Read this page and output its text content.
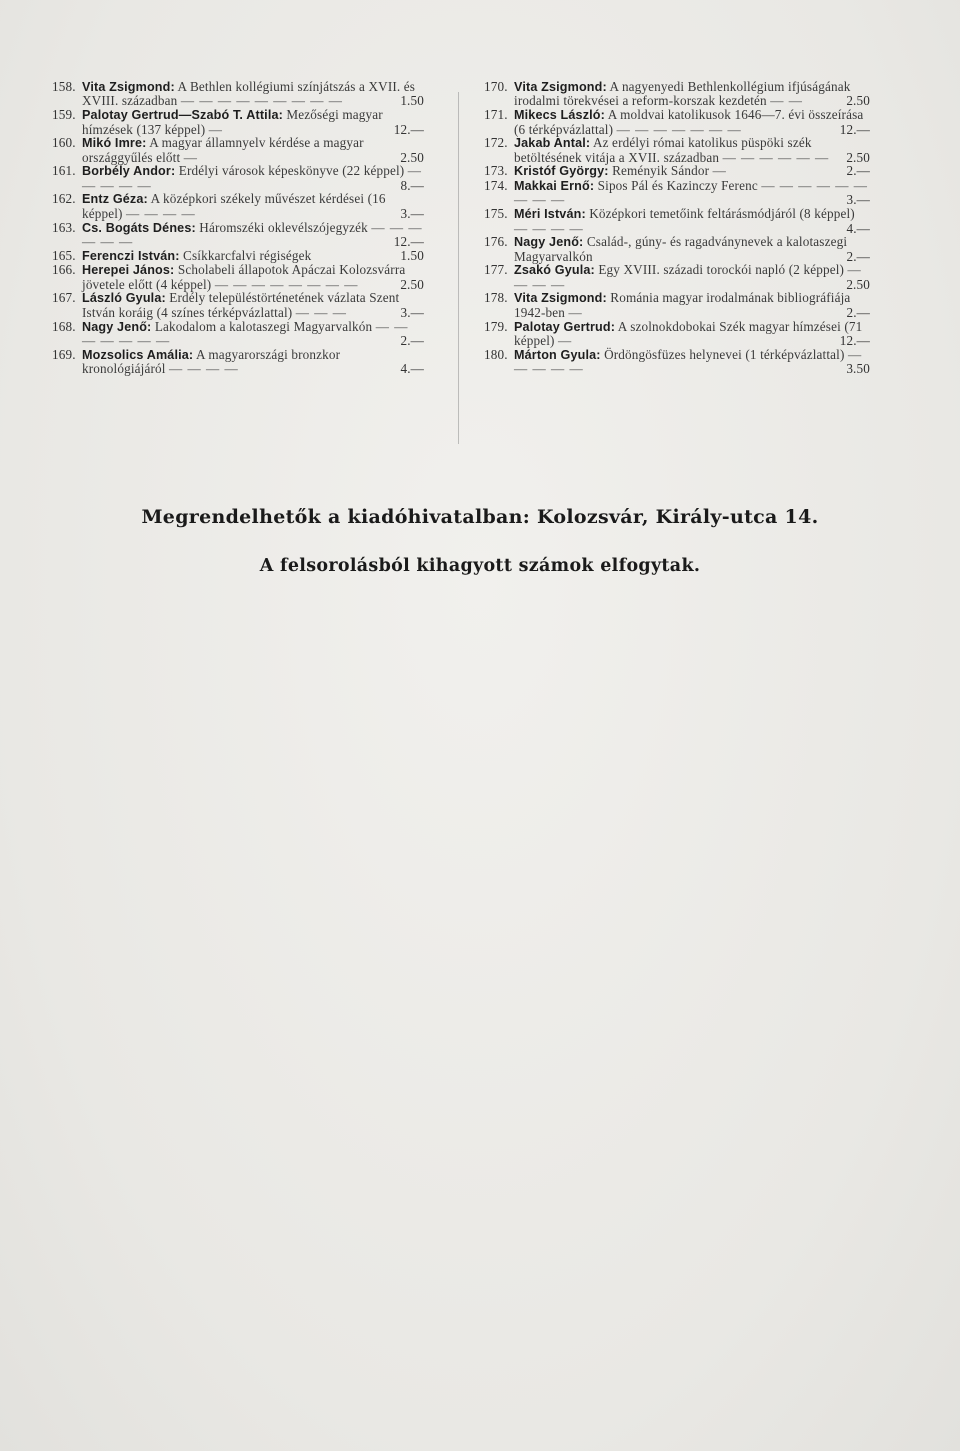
158. Vita Zsigmond: A Bethlen kollégiumi színjátszás a XVII. és XVIII. században — — — — — — — — —	1.50
159. Palotay Gertrud—Szabó T. Attila: Mezőségi magyar hímzések (137 képpel) —	12.—
160. Mikó Imre: A magyar államnyelv kérdése a magyar országgyűlés előtt —	2.50
161. Borbély Andor: Erdélyi városok képeskönyve (22 képpel) — — — — —	8.—
162. Entz Géza: A középkori székely művészet kérdései (16 képpel) — — — —	3.—
163. Cs. Bogáts Dénes: Háromszéki oklevélszójegyzék — — — — — —	12.—
165. Ferenczi István: Csíkkarcfalvi régiségek	1.50
166. Herepei János: Scholabeli állapotok Apáczai Kolozsvárra jövetele előtt (4 képpel) — — — — — — — —	2.50
167. László Gyula: Erdély településtörténetének vázlata Szent István koráig (4 színes térképvázlattal) — — —	3.—
168. Nagy Jenő: Lakodalom a kalotaszegi Magyarvalkón — — — — — — —	2.—
169. Mozsolics Amália: A magyarországi bronzkor kronológiájáról — — — —	4.—
170. Vita Zsigmond: A nagyenyedi Bethlenkollégium ifjúságának irodalmi törekvései a reform-korszak kezdetén — —	2.50
171. Mikecs László: A moldvai katolikusok 1646—7. évi összeírása (6 térképvázlattal) — — — — — — —	12.—
172. Jakab Antal: Az erdélyi római katolikus püspöki szék betöltésének vitája a XVII. században — — — — — —	2.50
173. Kristóf György: Reményik Sándor —	2.—
174. Makkai Ernő: Sipos Pál és Kazinczy Ferenc — — — — — — — — —	3.—
175. Méri István: Középkori temetőink feltárásmódjáról (8 képpel) — — — —	4.—
176. Nagy Jenő: Család-, gúny- és ragadványnevek a kalotaszegi Magyarvalkón	2.—
177. Zsakó Gyula: Egy XVIII. századi torockói napló (2 képpel) — — — —	2.50
178. Vita Zsigmond: Románia magyar irodalmának bibliográfiája 1942-ben —	2.—
179. Palotay Gertrud: A szolnokdobokai Szék magyar hímzései (71 képpel) —	12.—
180. Márton Gyula: Ördöngösfüzes helynevei (1 térképvázlattal) — — — — —	3.50
Megrendelhetők a kiadóhivatalban: Kolozsvár, Király-utca 14.
A felsorolásból kihagyott számok elfogytak.
